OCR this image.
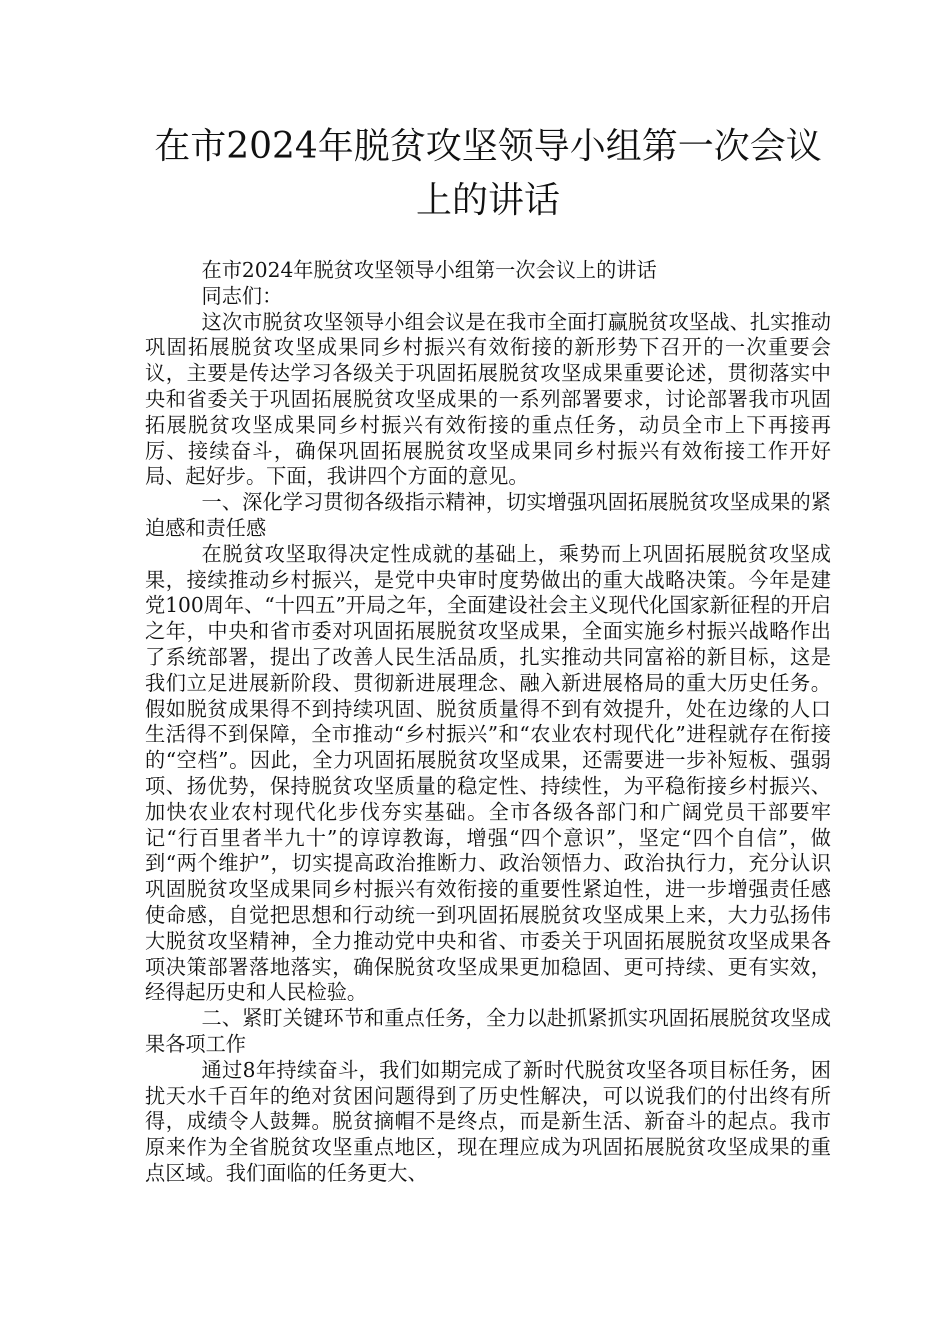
在市2024年脱贫攻坚领导小组第一次会议上的讲话

在市2024年脱贫攻坚领导小组第一次会议上的讲话

同志们：

这次市脱贫攻坚领导小组会议是在我市全面打赢脱贫攻坚战、扎实推动巩固拓展脱贫攻坚成果同乡村振兴有效衔接的新形势下召开的一次重要会议，主要是传达学习各级关于巩固拓展脱贫攻坚成果重要论述，贯彻落实中央和省委关于巩固拓展脱贫攻坚成果的一系列部署要求，讨论部署我市巩固拓展脱贫攻坚成果同乡村振兴有效衔接的重点任务，动员全市上下再接再厉、接续奋斗，确保巩固拓展脱贫攻坚成果同乡村振兴有效衔接工作开好局、起好步。下面，我讲四个方面的意见。

一、深化学习贯彻各级指示精神，切实增强巩固拓展脱贫攻坚成果的紧迫感和责任感

在脱贫攻坚取得决定性成就的基础上，乘势而上巩固拓展脱贫攻坚成果，接续推动乡村振兴，是党中央审时度势做出的重大战略决策。今年是建党100周年、“十四五”开局之年，全面建设社会主义现代化国家新征程的开启之年，中央和省市委对巩固拓展脱贫攻坚成果，全面实施乡村振兴战略作出了系统部署，提出了改善人民生活品质，扎实推动共同富裕的新目标，这是我们立足进展新阶段、贯彻新进展理念、融入新进展格局的重大历史任务。假如脱贫成果得不到持续巩固、脱贫质量得不到有效提升，处在边缘的人口生活得不到保障，全市推动“乡村振兴”和“农业农村现代化”进程就存在衔接的“空档”。因此，全力巩固拓展脱贫攻坚成果，还需要进一步补短板、强弱项、扬优势，保持脱贫攻坚质量的稳定性、持续性，为平稳衔接乡村振兴、加快农业农村现代化步伐夯实基础。全市各级各部门和广阔党员干部要牢记“行百里者半九十”的谆谆教诲，增强“四个意识”，坚定“四个自信”，做到“两个维护”，切实提高政治推断力、政治领悟力、政治执行力，充分认识巩固脱贫攻坚成果同乡村振兴有效衔接的重要性紧迫性，进一步增强责任感使命感，自觉把思想和行动统一到巩固拓展脱贫攻坚成果上来，大力弘扬伟大脱贫攻坚精神，全力推动党中央和省、市委关于巩固拓展脱贫攻坚成果各项决策部署落地落实，确保脱贫攻坚成果更加稳固、更可持续、更有实效，经得起历史和人民检验。

二、紧盯关键环节和重点任务，全力以赴抓紧抓实巩固拓展脱贫攻坚成果各项工作

通过8年持续奋斗，我们如期完成了新时代脱贫攻坚各项目标任务，困扰天水千百年的绝对贫困问题得到了历史性解决，可以说我们的付出终有所得，成绩令人鼓舞。脱贫摘帽不是终点，而是新生活、新奋斗的起点。我市原来作为全省脱贫攻坚重点地区，现在理应成为巩固拓展脱贫攻坚成果的重点区域。我们面临的任务更大、
